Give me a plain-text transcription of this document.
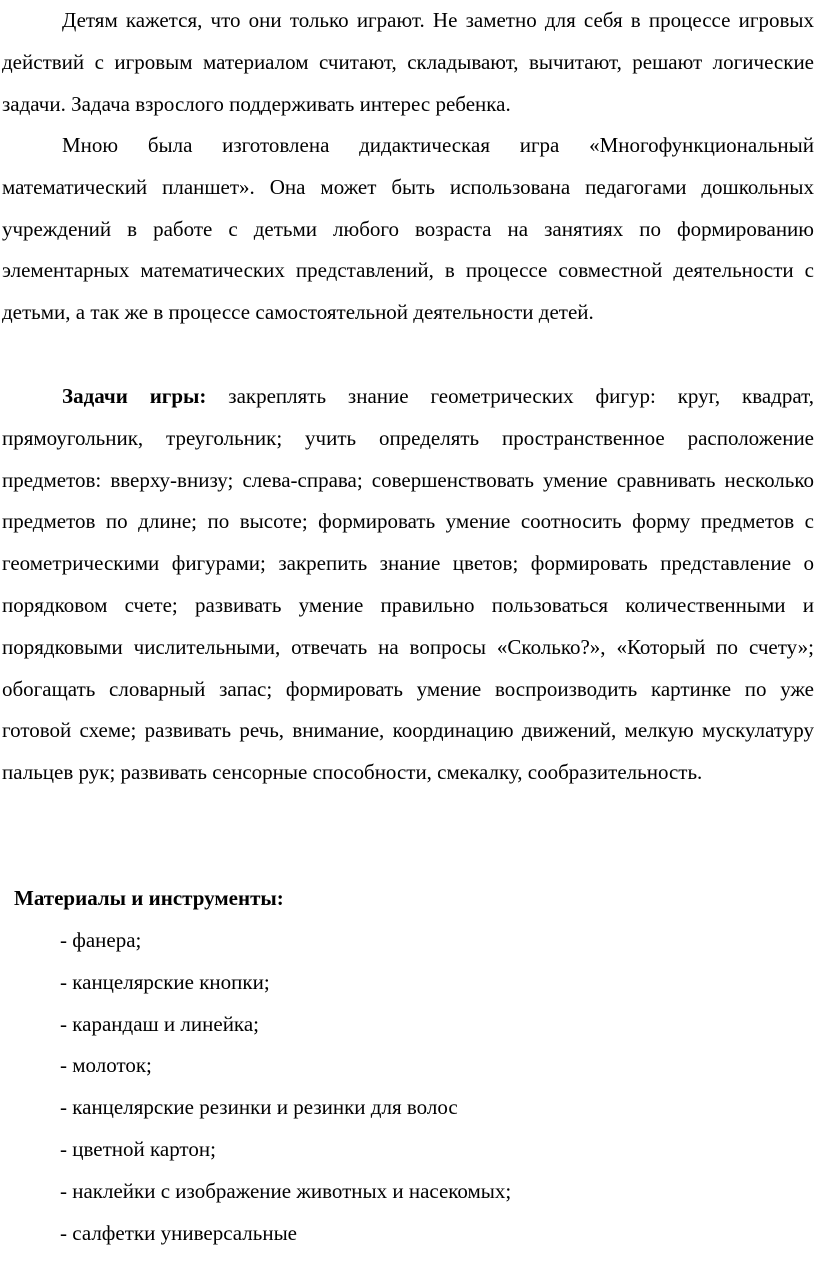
Детям кажется, что они только играют. Не заметно для себя в процессе игровых действий с игровым материалом считают, складывают, вычитают, решают логические задачи. Задача взрослого поддерживать интерес ребенка.

Мною была изготовлена дидактическая игра «Многофункциональный математический планшет». Она может быть использована педагогами дошкольных учреждений в работе с детьми любого возраста на занятиях по формированию элементарных математических представлений, в процессе совместной деятельности с детьми, а так же в процессе самостоятельной деятельности детей.

Задачи игры: закреплять знание геометрических фигур: круг, квадрат, прямоугольник, треугольник; учить определять пространственное расположение предметов: вверху-внизу; слева-справа; совершенствовать умение сравнивать несколько предметов по длине; по высоте; формировать умение соотносить форму предметов с геометрическими фигурами; закрепить знание цветов; формировать представление о порядковом счете; развивать умение правильно пользоваться количественными и порядковыми числительными, отвечать на вопросы «Сколько?», «Который по счету»; обогащать словарный запас; формировать умение воспроизводить картинке по уже готовой схеме; развивать речь, внимание, координацию движений, мелкую мускулатуру пальцев рук; развивать сенсорные способности, смекалку, сообразительность.

Материалы и инструменты:

- фанера;
- канцелярские кнопки;
- карандаш и линейка;
- молоток;
- канцелярские резинки и резинки для волос
- цветной картон;
- наклейки с изображение животных и насекомых;
- салфетки универсальные
